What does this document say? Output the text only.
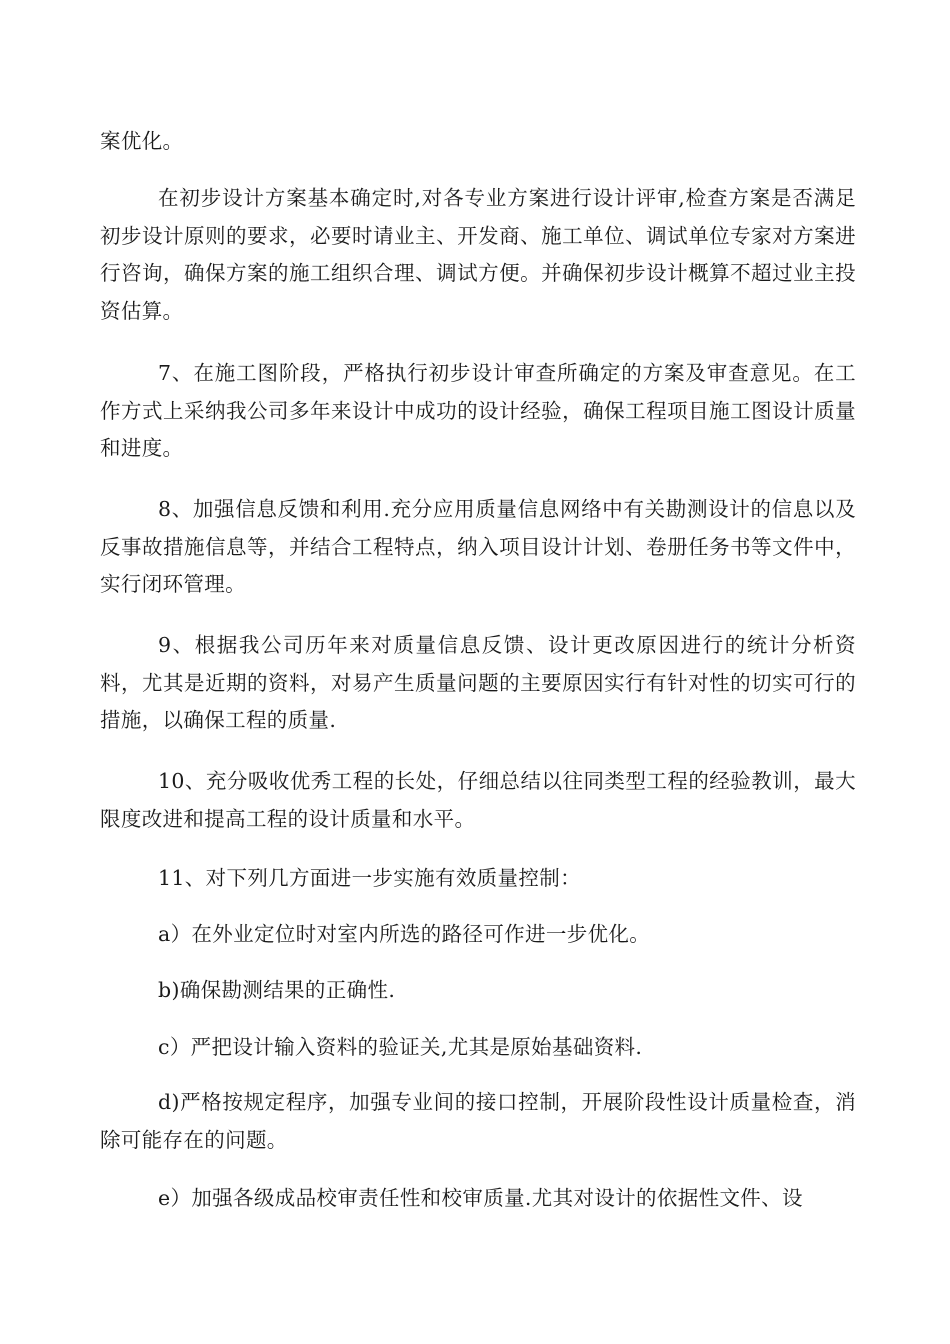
案优化。

在初步设计方案基本确定时,对各专业方案进行设计评审,检查方案是否满足初步设计原则的要求，必要时请业主、开发商、施工单位、调试单位专家对方案进行咨询，确保方案的施工组织合理、调试方便。并确保初步设计概算不超过业主投资估算。

7、在施工图阶段，严格执行初步设计审查所确定的方案及审查意见。在工作方式上采纳我公司多年来设计中成功的设计经验，确保工程项目施工图设计质量和进度。

8、加强信息反馈和利用.充分应用质量信息网络中有关勘测设计的信息以及反事故措施信息等，并结合工程特点，纳入项目设计计划、卷册任务书等文件中，实行闭环管理。

9、根据我公司历年来对质量信息反馈、设计更改原因进行的统计分析资料，尤其是近期的资料，对易产生质量问题的主要原因实行有针对性的切实可行的措施，以确保工程的质量.

10、充分吸收优秀工程的长处，仔细总结以往同类型工程的经验教训，最大限度改进和提高工程的设计质量和水平。

11、对下列几方面进一步实施有效质量控制：

a）在外业定位时对室内所选的路径可作进一步优化。

b)确保勘测结果的正确性.

c）严把设计输入资料的验证关,尤其是原始基础资料.

d)严格按规定程序，加强专业间的接口控制，开展阶段性设计质量检查，消除可能存在的问题。

e）加强各级成品校审责任性和校审质量.尤其对设计的依据性文件、设
